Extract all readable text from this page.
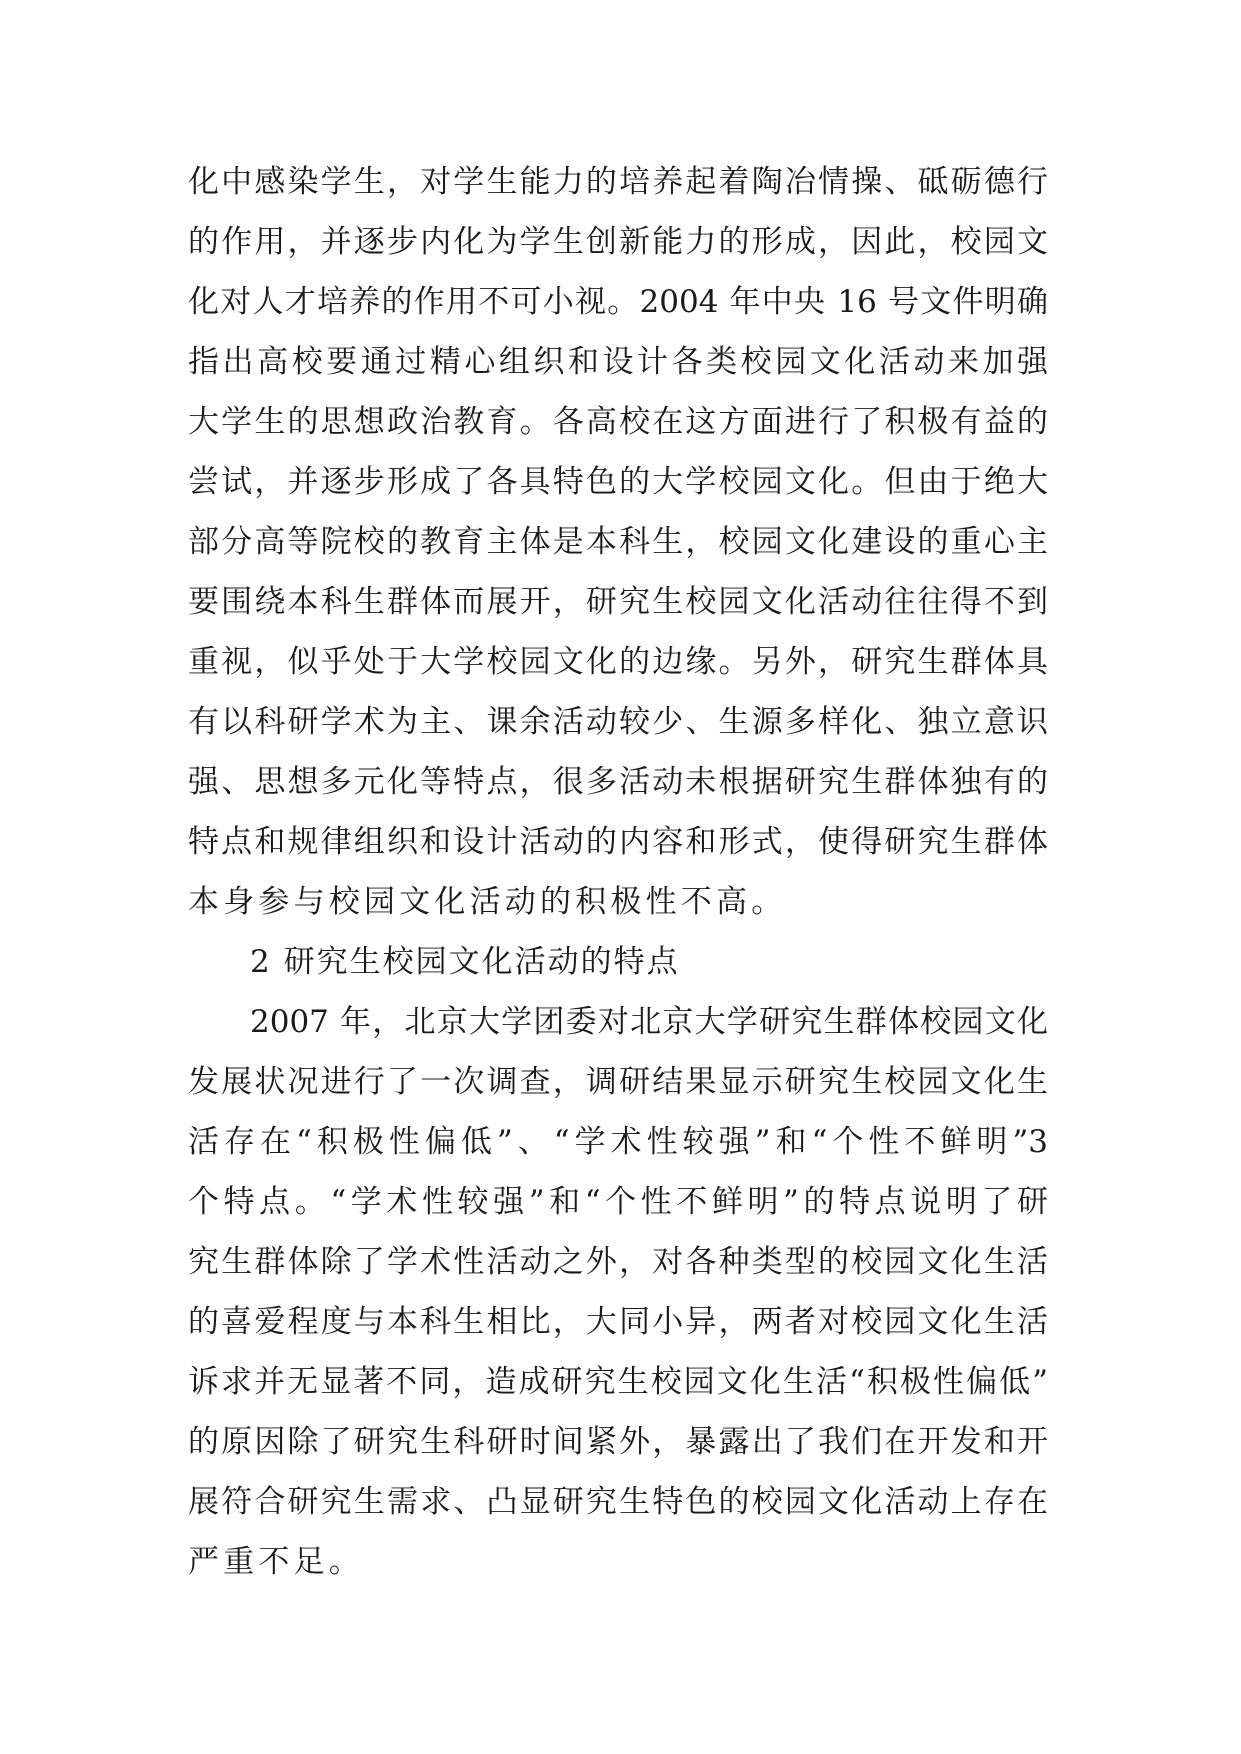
化中感染学生，对学生能力的培养起着陶冶情操、砥砺德行
的作用，并逐步内化为学生创新能力的形成，因此，校园文
化对人才培养的作用不可小视。2004 年中央 16 号文件明确
指出高校要通过精心组织和设计各类校园文化活动来加强
大学生的思想政治教育。各高校在这方面进行了积极有益的
尝试，并逐步形成了各具特色的大学校园文化。但由于绝大
部分高等院校的教育主体是本科生，校园文化建设的重心主
要围绕本科生群体而展开，研究生校园文化活动往往得不到
重视，似乎处于大学校园文化的边缘。另外，研究生群体具
有以科研学术为主、课余活动较少、生源多样化、独立意识
强、思想多元化等特点，很多活动未根据研究生群体独有的
特点和规律组织和设计活动的内容和形式，使得研究生群体
本身参与校园文化活动的积极性不高。
2 研究生校园文化活动的特点
2007 年，北京大学团委对北京大学研究生群体校园文化
发展状况进行了一次调查，调研结果显示研究生校园文化生
活存在“积极性偏低”、“学术性较强”和“个性不鲜明”3
个特点。“学术性较强”和“个性不鲜明”的特点说明了研
究生群体除了学术性活动之外，对各种类型的校园文化生活
的喜爱程度与本科生相比，大同小异，两者对校园文化生活
诉求并无显著不同，造成研究生校园文化生活“积极性偏低”
的原因除了研究生科研时间紧外，暴露出了我们在开发和开
展符合研究生需求、凸显研究生特色的校园文化活动上存在
严重不足。
